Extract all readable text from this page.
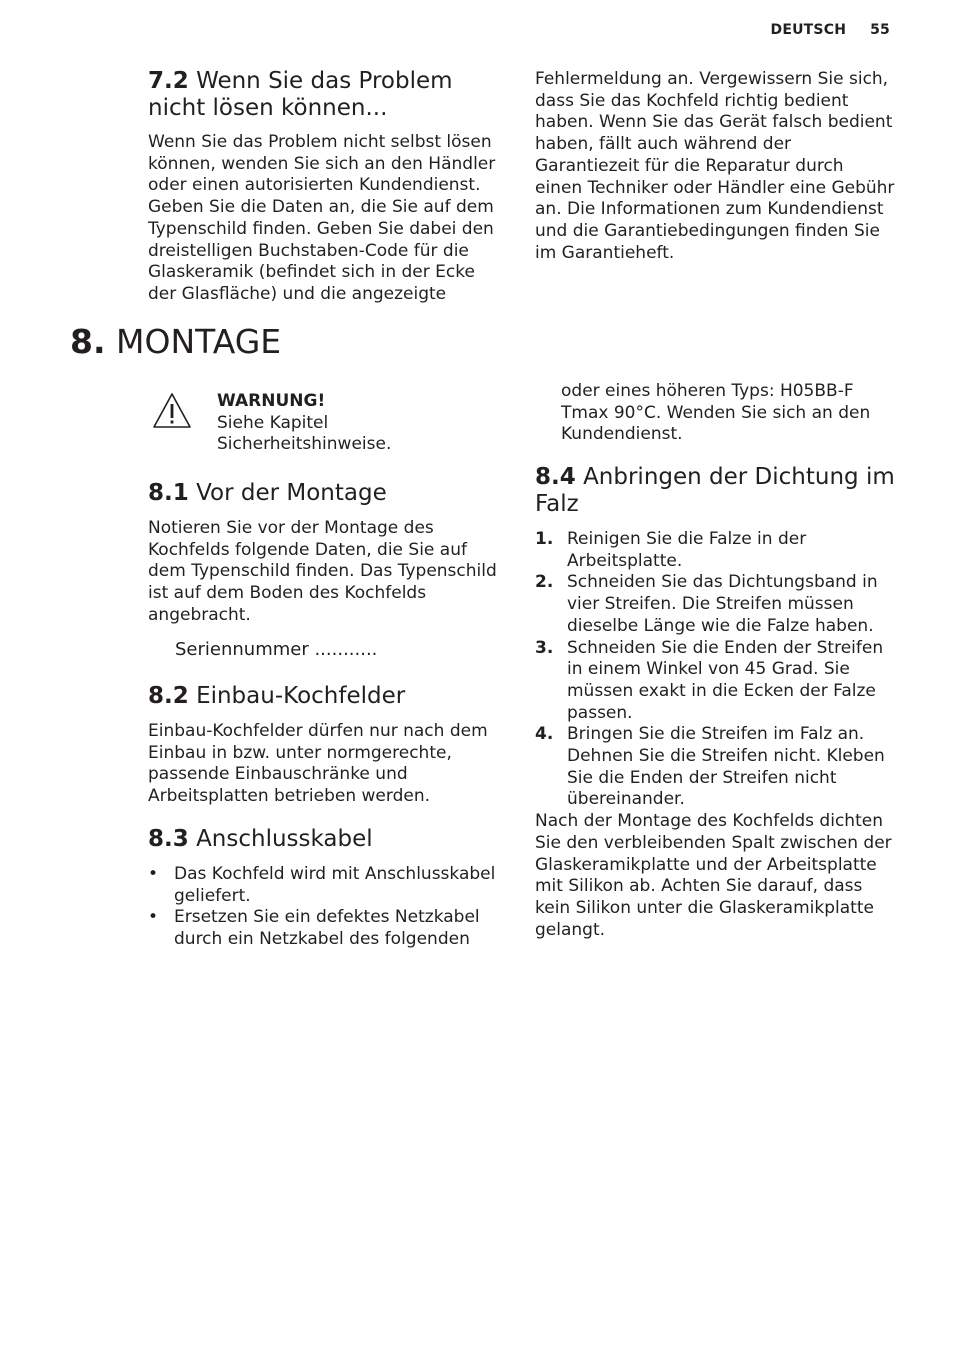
DEUTSCH 55
7.2 Wenn Sie das Problem nicht lösen können...

Wenn Sie das Problem nicht selbst lösen können, wenden Sie sich an den Händler oder einen autorisierten Kundendienst. Geben Sie die Daten an, die Sie auf dem Typenschild finden. Geben Sie dabei den dreistelligen Buchstaben-Code für die Glaskeramik (befindet sich in der Ecke der Glasfläche) und die angezeigte

Fehlermeldung an. Vergewissern Sie sich, dass Sie das Kochfeld richtig bedient haben. Wenn Sie das Gerät falsch bedient haben, fällt auch während der Garantiezeit für die Reparatur durch einen Techniker oder Händler eine Gebühr an. Die Informationen zum Kundendienst und die Garantiebedingungen finden Sie im Garantieheft.

8. MONTAGE
WARNUNG!
Siehe Kapitel
Sicherheitshinweise.
8.1 Vor der Montage

Notieren Sie vor der Montage des Kochfelds folgende Daten, die Sie auf dem Typenschild finden. Das Typenschild ist auf dem Boden des Kochfelds angebracht.

Seriennummer ...........

8.2 Einbau-Kochfelder

Einbau-Kochfelder dürfen nur nach dem Einbau in bzw. unter normgerechte, passende Einbauschränke und Arbeitsplatten betrieben werden.

8.3 Anschlusskabel
• Das Kochfeld wird mit Anschlusskabel geliefert.
• Ersetzen Sie ein defektes Netzkabel durch ein Netzkabel des folgenden

oder eines höheren Typs: H05BB-F Tmax 90°C. Wenden Sie sich an den Kundendienst.

8.4 Anbringen der Dichtung im Falz
1. Reinigen Sie die Falze in der Arbeitsplatte.
2. Schneiden Sie das Dichtungsband in vier Streifen. Die Streifen müssen dieselbe Länge wie die Falze haben.
3. Schneiden Sie die Enden der Streifen in einem Winkel von 45 Grad. Sie müssen exakt in die Ecken der Falze passen.
4. Bringen Sie die Streifen im Falz an. Dehnen Sie die Streifen nicht. Kleben Sie die Enden der Streifen nicht übereinander.

Nach der Montage des Kochfelds dichten Sie den verbleibenden Spalt zwischen der Glaskeramikplatte und der Arbeitsplatte mit Silikon ab. Achten Sie darauf, dass kein Silikon unter die Glaskeramikplatte gelangt.
